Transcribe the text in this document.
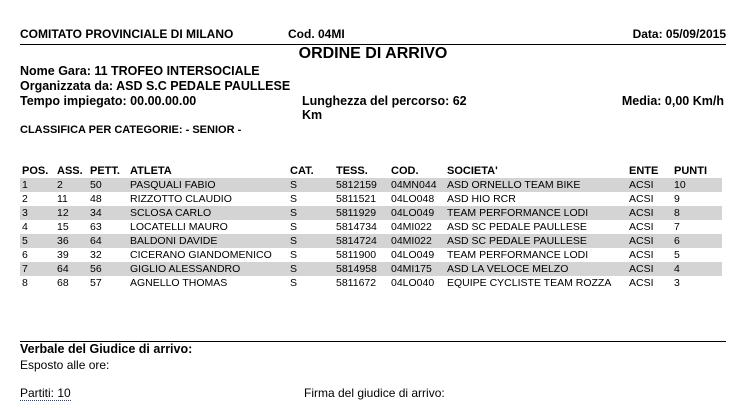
COMITATO PROVINCIALE DI MILANO	Cod. 04MI	Data: 05/09/2015
ORDINE DI ARRIVO
Nome Gara: 11 TROFEO INTERSOCIALE
Organizzata da: ASD S.C PEDALE PAULLESE
Tempo impiegato: 00.00.00.00	Lunghezza del percorso: 62
Km
Media: 0,00 Km/h
CLASSIFICA PER CATEGORIE: - SENIOR -
POS.	ASS.	PETT.	ATLETA	CAT.	TESS.	COD.	SOCIETA'	ENTE	PUNTI
1	2	50	PASQUALI FABIO	S	5812159	04MN044	ASD ORNELLO TEAM BIKE	ACSI	10
2	11	48	RIZZOTTO CLAUDIO	S	5811521	04LO048	ASD HIO RCR	ACSI	9
3	12	34	SCLOSA CARLO	S	5811929	04LO049	TEAM PERFORMANCE LODI	ACSI	8
4	15	63	LOCATELLI MAURO	S	5814734	04MI022	ASD SC PEDALE PAULLESE	ACSI	7
5	36	64	BALDONI DAVIDE	S	5814724	04MI022	ASD SC PEDALE PAULLESE	ACSI	6
6	39	32	CICERANO GIANDOMENICO	S	5811900	04LO049	TEAM PERFORMANCE LODI	ACSI	5
7	64	56	GIGLIO ALESSANDRO	S	5814958	04MI175	ASD LA VELOCE MELZO	ACSI	4
8	68	57	AGNELLO THOMAS	S	5811672	04LO040	EQUIPE CYCLISTE TEAM ROZZA	ACSI	3
Verbale del Giudice di arrivo:
Esposto alle ore:
Partiti: 10	Firma del giudice di arrivo:
